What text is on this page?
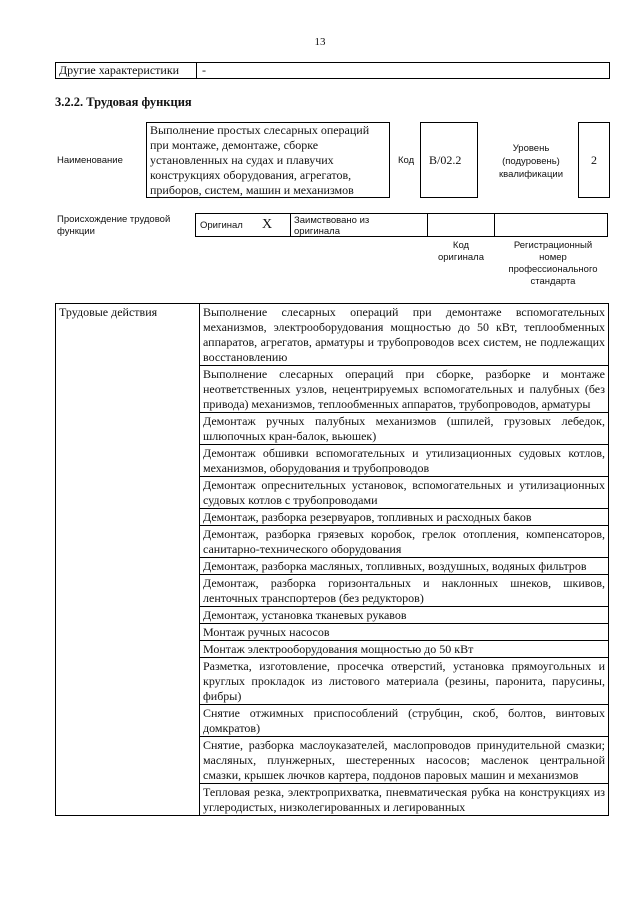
13
Другие характеристики	-
3.2.2. Трудовая функция
Наименование
Выполнение простых слесарных операций
при монтаже, демонтаже, сборке
установленных на судах и плавучих
конструкциях оборудования, агрегатов,
приборов, систем, машин и механизмов
Код	B/02.2
Уровень
(подуровень)
квалификации
2
Происхождение трудовой
функции
Оригинал X Заимствовано из
оригинала
Код
оригинала
Регистрационный
номер
профессионального
стандарта
Трудовые действия	Выполнение слесарных операций при демонтаже вспомогательных механизмов, электрооборудования мощностью до 50 кВт, теплообменных аппаратов, агрегатов, арматуры и трубопроводов всех систем, не подлежащих восстановлению
Выполнение слесарных операций при сборке, разборке и монтаже неответственных узлов, нецентрируемых вспомогательных и палубных (без привода) механизмов, теплообменных аппаратов, трубопроводов, арматуры
Демонтаж ручных палубных механизмов (шпилей, грузовых лебедок, шлюпочных кран-балок, вьюшек)
Демонтаж обшивки вспомогательных и утилизационных судовых котлов, механизмов, оборудования и трубопроводов
Демонтаж опреснительных установок, вспомогательных и утилизационных судовых котлов с трубопроводами
Демонтаж, разборка резервуаров, топливных и расходных баков
Демонтаж, разборка грязевых коробок, грелок отопления, компенсаторов, санитарно-технического оборудования
Демонтаж, разборка масляных, топливных, воздушных, водяных фильтров
Демонтаж, разборка горизонтальных и наклонных шнеков, шкивов, ленточных транспортеров (без редукторов)
Демонтаж, установка тканевых рукавов
Монтаж ручных насосов
Монтаж электрооборудования мощностью до 50 кВт
Разметка, изготовление, просечка отверстий, установка прямоугольных и круглых прокладок из листового материала (резины, паронита, парусины, фибры)
Снятие отжимных приспособлений (струбцин, скоб, болтов, винтовых домкратов)
Снятие, разборка маслоуказателей, маслопроводов принудительной смазки; масляных, плунжерных, шестеренных насосов; масленок центральной смазки, крышек лючков картера, поддонов паровых машин и механизмов
Тепловая резка, электроприхватка, пневматическая рубка на конструкциях из углеродистых, низколегированных и легированных
